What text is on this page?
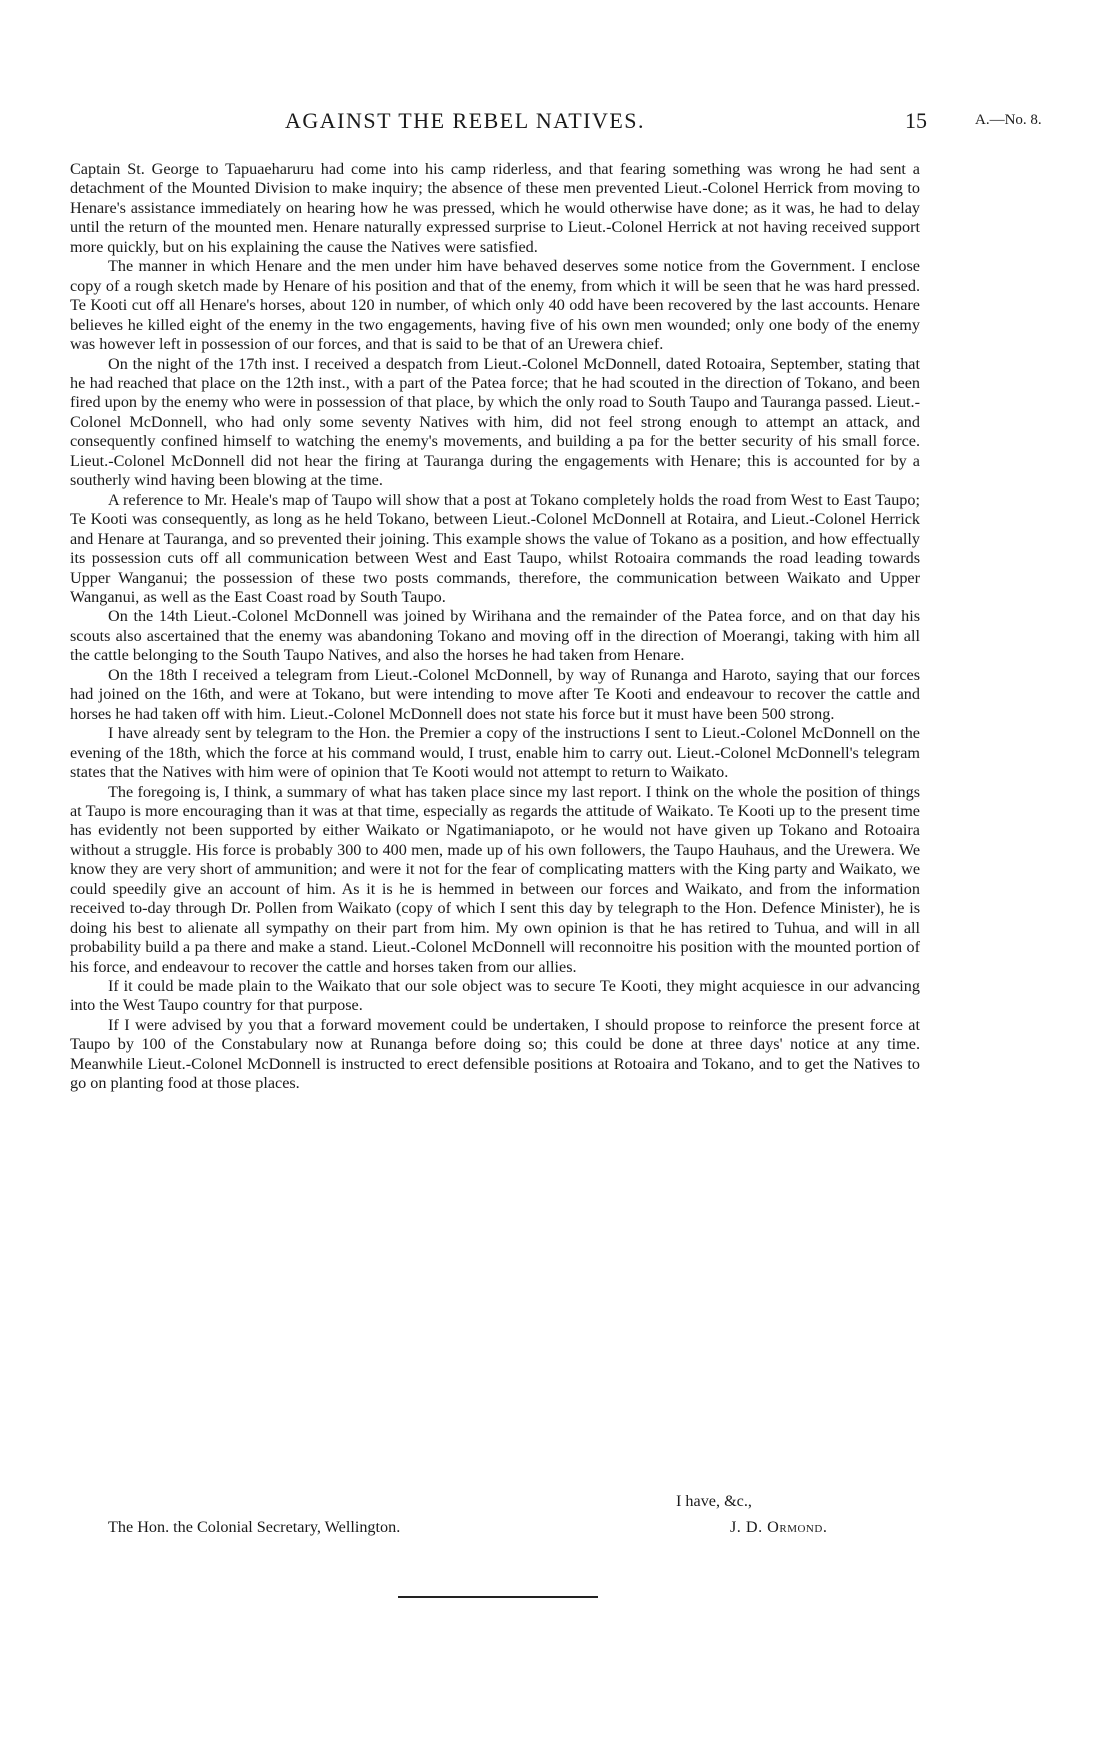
AGAINST THE REBEL NATIVES.	15	A.—No. 8.

Captain St. George to Tapuaeharuru had come into his camp riderless, and that fearing something was wrong he had sent a detachment of the Mounted Division to make inquiry; the absence of these men prevented Lieut.-Colonel Herrick from moving to Henare's assistance immediately on hearing how he was pressed, which he would otherwise have done; as it was, he had to delay until the return of the mounted men. Henare naturally expressed surprise to Lieut.-Colonel Herrick at not having received support more quickly, but on his explaining the cause the Natives were satisfied.

The manner in which Henare and the men under him have behaved deserves some notice from the Government. I enclose copy of a rough sketch made by Henare of his position and that of the enemy, from which it will be seen that he was hard pressed. Te Kooti cut off all Henare's horses, about 120 in number, of which only 40 odd have been recovered by the last accounts. Henare believes he killed eight of the enemy in the two engagements, having five of his own men wounded; only one body of the enemy was however left in possession of our forces, and that is said to be that of an Urewera chief.

On the night of the 17th inst. I received a despatch from Lieut.-Colonel McDonnell, dated Rotoaira, September, stating that he had reached that place on the 12th inst., with a part of the Patea force; that he had scouted in the direction of Tokano, and been fired upon by the enemy who were in possession of that place, by which the only road to South Taupo and Tauranga passed. Lieut.-Colonel McDonnell, who had only some seventy Natives with him, did not feel strong enough to attempt an attack, and consequently confined himself to watching the enemy's movements, and building a pa for the better security of his small force. Lieut.-Colonel McDonnell did not hear the firing at Tauranga during the engagements with Henare; this is accounted for by a southerly wind having been blowing at the time.

A reference to Mr. Heale's map of Taupo will show that a post at Tokano completely holds the road from West to East Taupo; Te Kooti was consequently, as long as he held Tokano, between Lieut.-Colonel McDonnell at Rotaira, and Lieut.-Colonel Herrick and Henare at Tauranga, and so prevented their joining. This example shows the value of Tokano as a position, and how effectually its possession cuts off all communication between West and East Taupo, whilst Rotoaira commands the road leading towards Upper Wanganui; the possession of these two posts commands, therefore, the communication between Waikato and Upper Wanganui, as well as the East Coast road by South Taupo.

On the 14th Lieut.-Colonel McDonnell was joined by Wirihana and the remainder of the Patea force, and on that day his scouts also ascertained that the enemy was abandoning Tokano and moving off in the direction of Moerangi, taking with him all the cattle belonging to the South Taupo Natives, and also the horses he had taken from Henare.

On the 18th I received a telegram from Lieut.-Colonel McDonnell, by way of Runanga and Haroto, saying that our forces had joined on the 16th, and were at Tokano, but were intending to move after Te Kooti and endeavour to recover the cattle and horses he had taken off with him. Lieut.-Colonel McDonnell does not state his force but it must have been 500 strong.

I have already sent by telegram to the Hon. the Premier a copy of the instructions I sent to Lieut.-Colonel McDonnell on the evening of the 18th, which the force at his command would, I trust, enable him to carry out. Lieut.-Colonel McDonnell's telegram states that the Natives with him were of opinion that Te Kooti would not attempt to return to Waikato.

The foregoing is, I think, a summary of what has taken place since my last report. I think on the whole the position of things at Taupo is more encouraging than it was at that time, especially as regards the attitude of Waikato. Te Kooti up to the present time has evidently not been supported by either Waikato or Ngatimaniapoto, or he would not have given up Tokano and Rotoaira without a struggle. His force is probably 300 to 400 men, made up of his own followers, the Taupo Hauhaus, and the Urewera. We know they are very short of ammunition; and were it not for the fear of complicating matters with the King party and Waikato, we could speedily give an account of him. As it is he is hemmed in between our forces and Waikato, and from the information received to-day through Dr. Pollen from Waikato (copy of which I sent this day by telegraph to the Hon. Defence Minister), he is doing his best to alienate all sympathy on their part from him. My own opinion is that he has retired to Tuhua, and will in all probability build a pa there and make a stand. Lieut.-Colonel McDonnell will reconnoitre his position with the mounted portion of his force, and endeavour to recover the cattle and horses taken from our allies.

If it could be made plain to the Waikato that our sole object was to secure Te Kooti, they might acquiesce in our advancing into the West Taupo country for that purpose.

If I were advised by you that a forward movement could be undertaken, I should propose to reinforce the present force at Taupo by 100 of the Constabulary now at Runanga before doing so; this could be done at three days' notice at any time. Meanwhile Lieut.-Colonel McDonnell is instructed to erect defensible positions at Rotoaira and Tokano, and to get the Natives to go on planting food at those places.

I have, &c.,
The Hon. the Colonial Secretary, Wellington.	J. D. Ormond.
